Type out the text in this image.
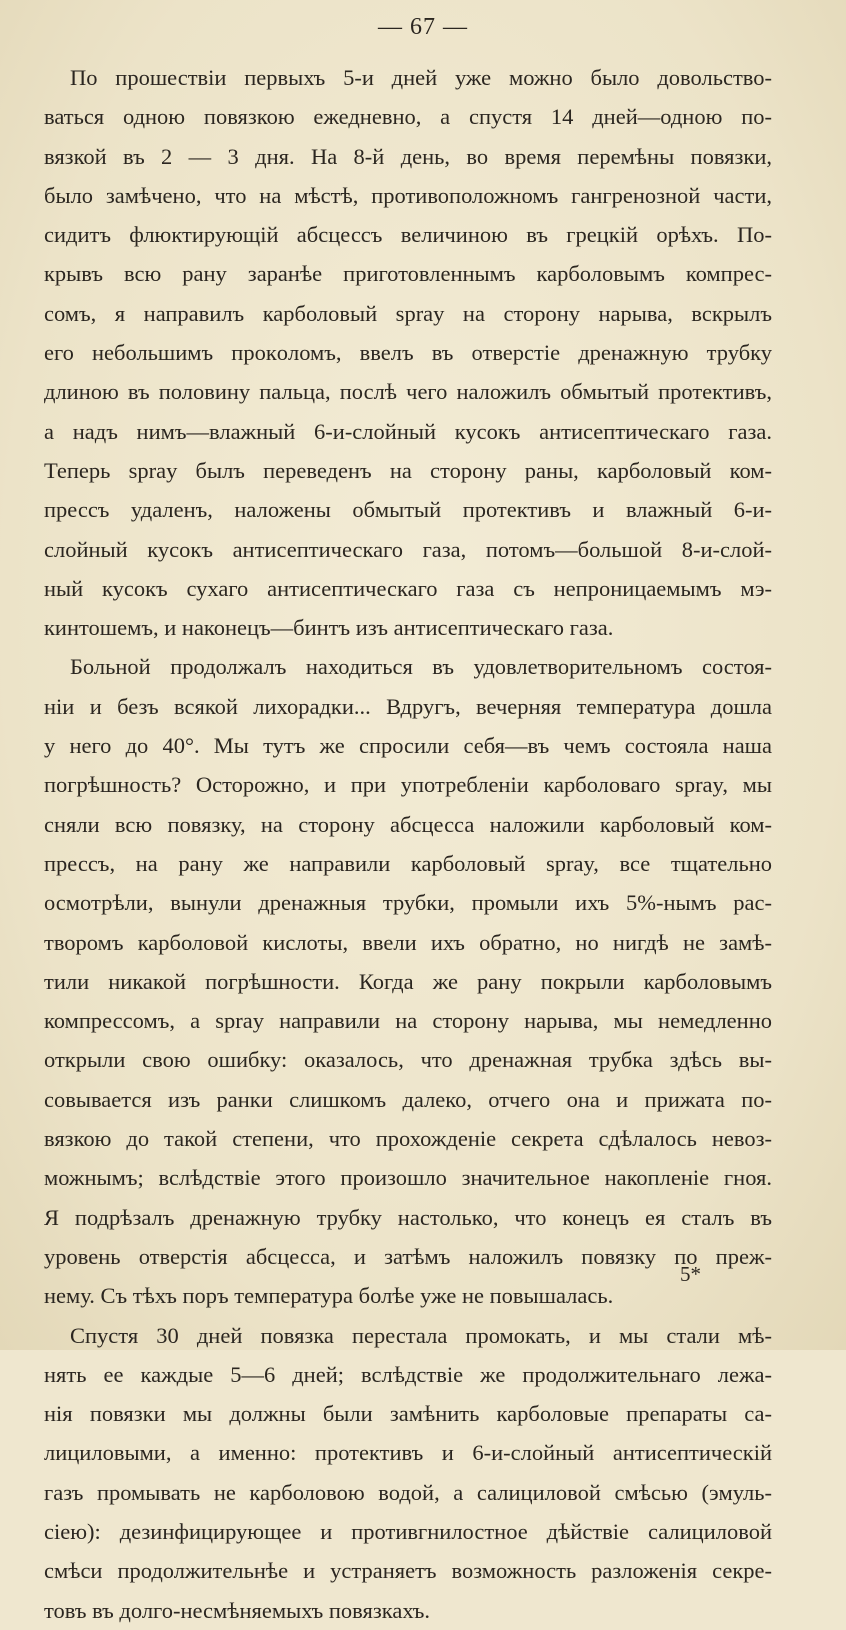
— 67 —
По прошествіи первыхъ 5-и дней уже можно было довольство-
ваться одною повязкою ежедневно, а спустя 14 дней—одною по-
вязкой въ 2 — 3 дня. На 8-й день, во время перемѣны повязки,
было замѣчено, что на мѣстѣ, противоположномъ гангренозной части,
сидитъ флюктирующій абсцессъ величиною въ грецкій орѣхъ. По-
крывъ всю рану заранѣе приготовленнымъ карболовымъ компрес-
сомъ, я направилъ карболовый spray на сторону нарыва, вскрылъ
его небольшимъ прокoломъ, ввелъ въ отверстіе дренажную трубку
длиною въ половину пальца, послѣ чего наложилъ обмытый протективъ,
а надъ нимъ—влажный 6-и-слойный кусокъ антисептическаго газа.
Теперь spray былъ переведенъ на сторону раны, карболовый ком-
прессъ удаленъ, наложены обмытый протективъ и влажный 6-и-
слойный кусокъ антисептическаго газа, потомъ—большой 8-и-слой-
ный кусокъ сухаго антисептическаго газа съ непроницаемымъ мэ-
кинтошемъ, и наконецъ—бинтъ изъ антисептическаго газа.
Больной продолжалъ находиться въ удовлетворительномъ состоя-
ніи и безъ всякой лихорадки... Вдругъ, вечерняя температура дошла
у него до 40°. Мы тутъ же спросили себя—въ чемъ состояла наша
погрѣшность? Осторожно, и при употребленіи карболоваго spray, мы
сняли всю повязку, на сторону абсцесса наложили карболовый ком-
прессъ, на рану же направили карболовый spray, все тщательно
осмотрѣли, вынули дренажныя трубки, промыли ихъ 5%-нымъ рас-
творомъ карболовой кислоты, ввели ихъ обратно, но нигдѣ не замѣ-
тили никакой погрѣшности. Когда же рану покрыли карболовымъ
компрессомъ, а spray направили на сторону нарыва, мы немедленно
открыли свою ошибку: оказалось, что дренажная трубка здѣсь вы-
совывается изъ ранки слишкомъ далеко, отчего она и прижата по-
вязкою до такой степени, что прохожденіе секрета сдѣлалось невоз-
можнымъ; вслѣдствіе этого произошло значительное накопленіе гноя.
Я подрѣзалъ дренажную трубку настолько, что конецъ ея сталъ въ
уровень отверстія абсцесса, и затѣмъ наложилъ повязку по преж-
нему. Съ тѣхъ поръ температура болѣе уже не повышалась.
Спустя 30 дней повязка перестала промокать, и мы стали мѣ-
нять ее каждые 5—6 дней; вслѣдствіе же продолжительнаго лежа-
нія повязки мы должны были замѣнить карболовые препараты са-
лициловыми, а именно: протективъ и 6-и-слойный антисептическій
газъ промывать не карболовою водой, а салициловой смѣсью (эмуль-
сіею): дезинфицирующее и противгнилостное дѣйствіе салициловой
смѣси продолжительнѣе и устраняетъ возможность разложенія секре-
товъ въ долго-несмѣняемыхъ повязкахъ.
5*
